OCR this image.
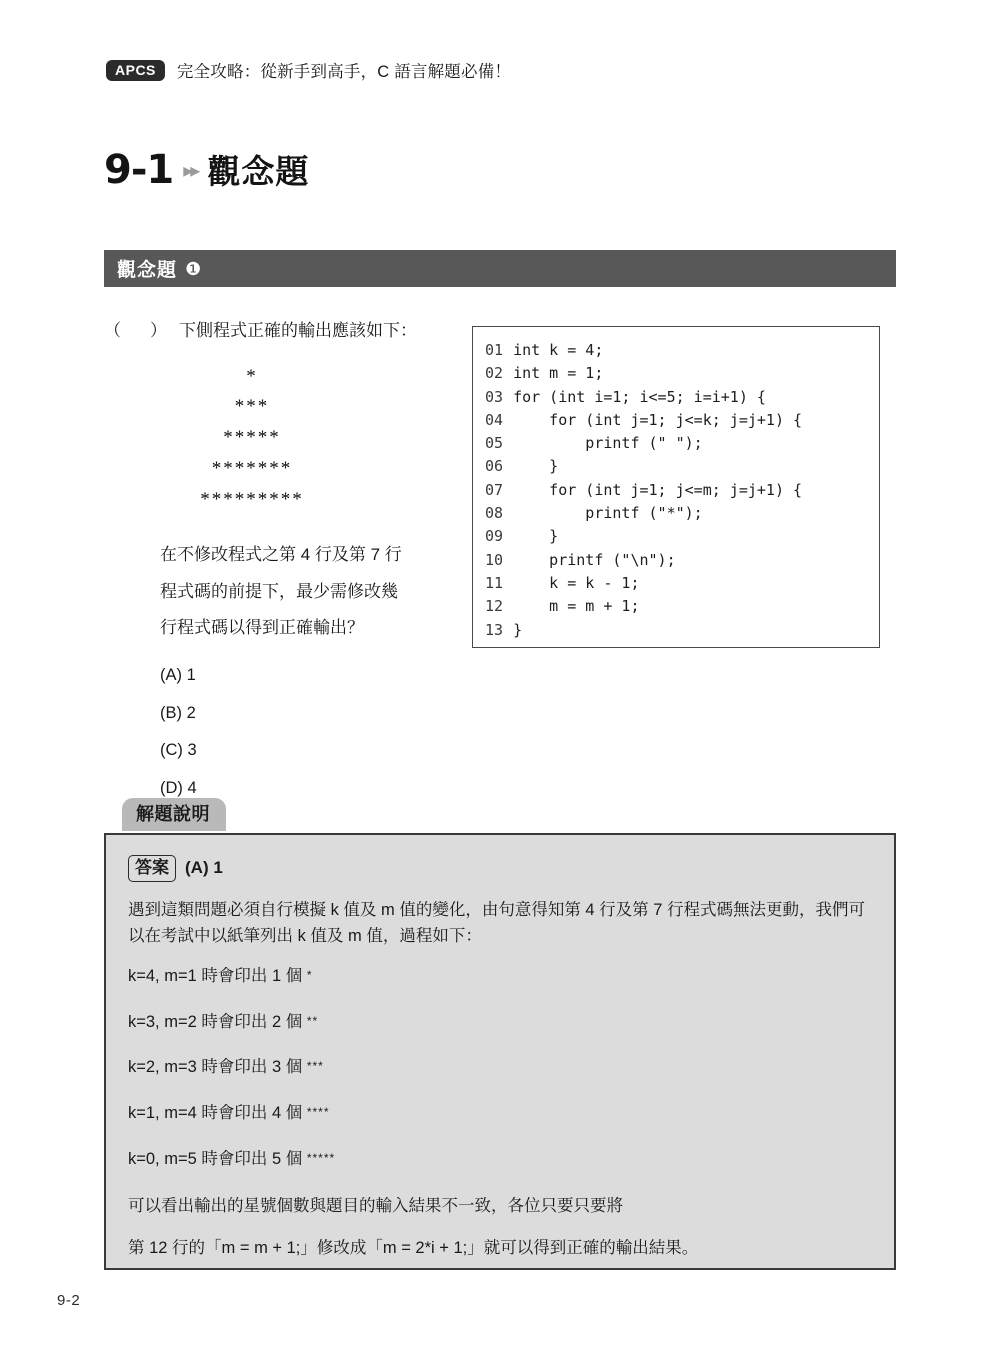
APCS	完全攻略：從新手到高手，C 語言解題必備！
9-1 ▸▸ 觀念題
觀念題 ❶
（　） 下側程式正確的輸出應該如下：
*
***
*****
*******
*********
在不修改程式之第 4 行及第 7 行
程式碼的前提下，最少需修改幾
行程式碼以得到正確輸出？
(A) 1
(B) 2
(C) 3
(D) 4
01 int k = 4;
02 int m = 1;
03 for (int i=1; i<=5; i=i+1) {
04    for (int j=1; j<=k; j=j+1) {
05        printf (" ");
06    }
07    for (int j=1; j<=m; j=j+1) {
08        printf ("*");
09    }
10    printf ("\n");
11    k = k - 1;
12    m = m + 1;
13 }
解題說明
答案 (A) 1

遇到這類問題必須自行模擬 k 值及 m 值的變化，由句意得知第 4 行及第 7 行程式碼無法更動，我們可以在考試中以紙筆列出 k 值及 m 值，過程如下：

k=4, m=1 時會印出 1 個 *
k=3, m=2 時會印出 2 個 **
k=2, m=3 時會印出 3 個 ***
k=1, m=4 時會印出 4 個 ****
k=0, m=5 時會印出 5 個 *****

可以看出輸出的星號個數與題目的輸入結果不一致，各位只要只要將

第 12 行的「m = m + 1;」修改成「m = 2*i + 1;」就可以得到正確的輸出結果。

9-2
